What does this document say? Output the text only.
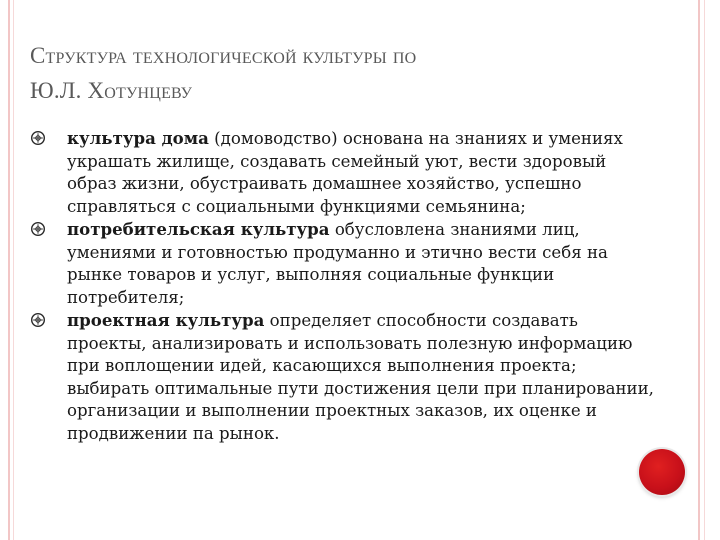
Структура технологической культуры по
Ю.Л. Хотунцеву
культура дома (домоводство) основана на знаниях и умениях украшать жилище, создавать семейный уют, вести здоровый образ жизни, обустраивать домашнее хозяйство, успешно справляться с социальными функциями семьянина;
потребительская культура обусловлена знаниями лиц, умениями и готовностью продуманно и этично вести себя на рынке товаров и услуг, выполняя социальные функции потребителя;
проектная культура определяет способности создавать проекты, анализировать и использовать полезную информацию при воплощении идей, касающихся выполнения проекта; выбирать оптимальные пути достижения цели при планировании, организации и выполнении проектных заказов, их оценке и продвижении па рынок.
